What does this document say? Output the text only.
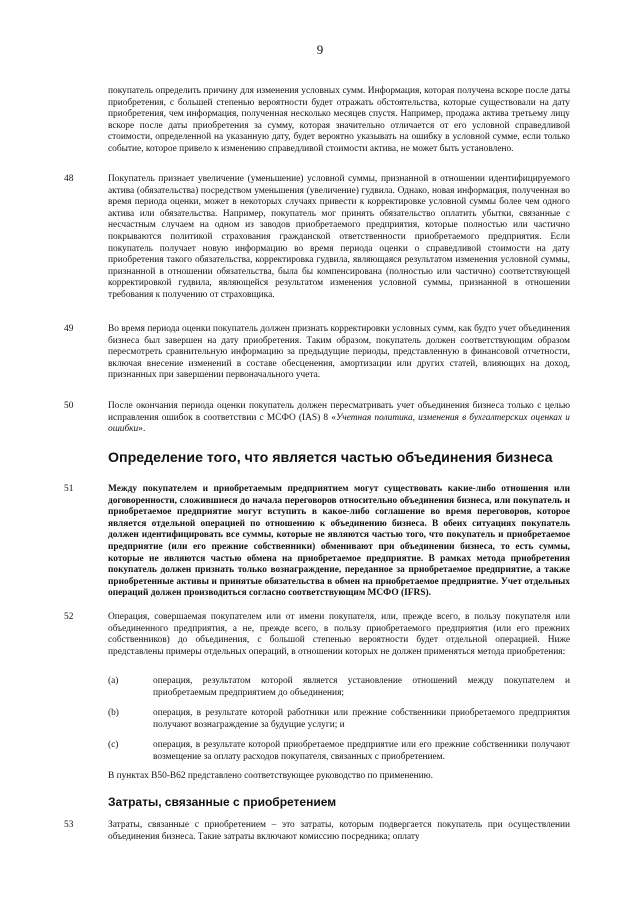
9

покупатель определить причину для изменения условных сумм. Информация, которая получена вскоре после даты приобретения, с большей степенью вероятности будет отражать обстоятельства, которые существовали на дату приобретения, чем информация, полученная несколько месяцев спустя. Например, продажа актива третьему лицу вскоре после даты приобретения за сумму, которая значительно отличается от его условной справедливой стоимости, определенной на указанную дату, будет вероятно указывать на ошибку в условной сумме, если только событие, которое привело к изменению справедливой стоимости актива, не может быть установлено.

48	Покупатель признает увеличение (уменьшение) условной суммы, признанной в отношении идентифицируемого актива (обязательства) посредством уменьшения (увеличение) гудвила. Однако, новая информация, полученная во время периода оценки, может в некоторых случаях привести к корректировке условной суммы более чем одного актива или обязательства. Например, покупатель мог принять обязательство оплатить убытки, связанные с несчастным случаем на одном из заводов приобретаемого предприятия, которые полностью или частично покрываются политикой страхования гражданской ответственности приобретаемого предприятия. Если покупатель получает новую информацию во время периода оценки о справедливой стоимости на дату приобретения такого обязательства, корректировка гудвила, являющаяся результатом изменения условной суммы, признанной в отношении обязательства, была бы компенсирована (полностью или частично) соответствующей корректировкой гудвила, являющейся результатом изменения условной суммы, признанной в отношении требования к получению от страховщика.

49	Во время периода оценки покупатель должен признать корректировки условных сумм, как будто учет объединения бизнеса был завершен на дату приобретения. Таким образом, покупатель должен соответствующим образом пересмотреть сравнительную информацию за предыдущие периоды, представленную в финансовой отчетности, включая внесение изменений в составе обесценения, амортизации или других статей, влияющих на доход, признанных при завершении первоначального учета.

50	После окончания периода оценки покупатель должен пересматривать учет объединения бизнеса только с целью исправления ошибок в соответствии с МСФО (IAS) 8 «Учетная политика, изменения в бухгалтерских оценках и ошибки».

Определение того, что является частью объединения бизнеса
51	Между покупателем и приобретаемым предприятием могут существовать какие-либо отношения или договоренности, сложившиеся до начала переговоров относительно объединения бизнеса, или покупатель и приобретаемое предприятие могут вступить в какое-либо соглашение во время переговоров, которое является отдельной операцией по отношению к объединению бизнеса. В обеих ситуациях покупатель должен идентифицировать все суммы, которые не являются частью того, что покупатель и приобретаемое предприятие (или его прежние собственники) обменивают при объединении бизнеса, то есть суммы, которые не являются частью обмена на приобретаемое предприятие. В рамках метода приобретения покупатель должен признать только вознаграждение, переданное за приобретаемое предприятие, а также приобретенные активы и принятые обязательства в обмен на приобретаемое предприятие. Учет отдельных операций должен производиться согласно соответствующим МСФО (IFRS).

52	Операция, совершаемая покупателем или от имени покупателя, или, прежде всего, в пользу покупателя или объединенного предприятия, а не, прежде всего, в пользу приобретаемого предприятия (или его прежних собственников) до объединения, с большой степенью вероятности будет отдельной операцией. Ниже представлены примеры отдельных операций, в отношении которых не должен применяться метода приобретения:

(a)	операция, результатом которой является установление отношений между покупателем и приобретаемым предприятием до объединения;
(b)	операция, в результате которой работники или прежние собственники приобретаемого предприятия получают вознаграждение за будущие услуги; и
(c)	операция, в результате которой приобретаемое предприятие или его прежние собственники получают возмещение за оплату расходов покупателя, связанных с приобретением.

В пунктах B50-B62 представлено соответствующее руководство по применению.

Затраты, связанные с приобретением
53	Затраты, связанные с приобретением – это затраты, которым подвергается покупатель при осуществлении объединения бизнеса. Такие затраты включают комиссию посредника; оплату
